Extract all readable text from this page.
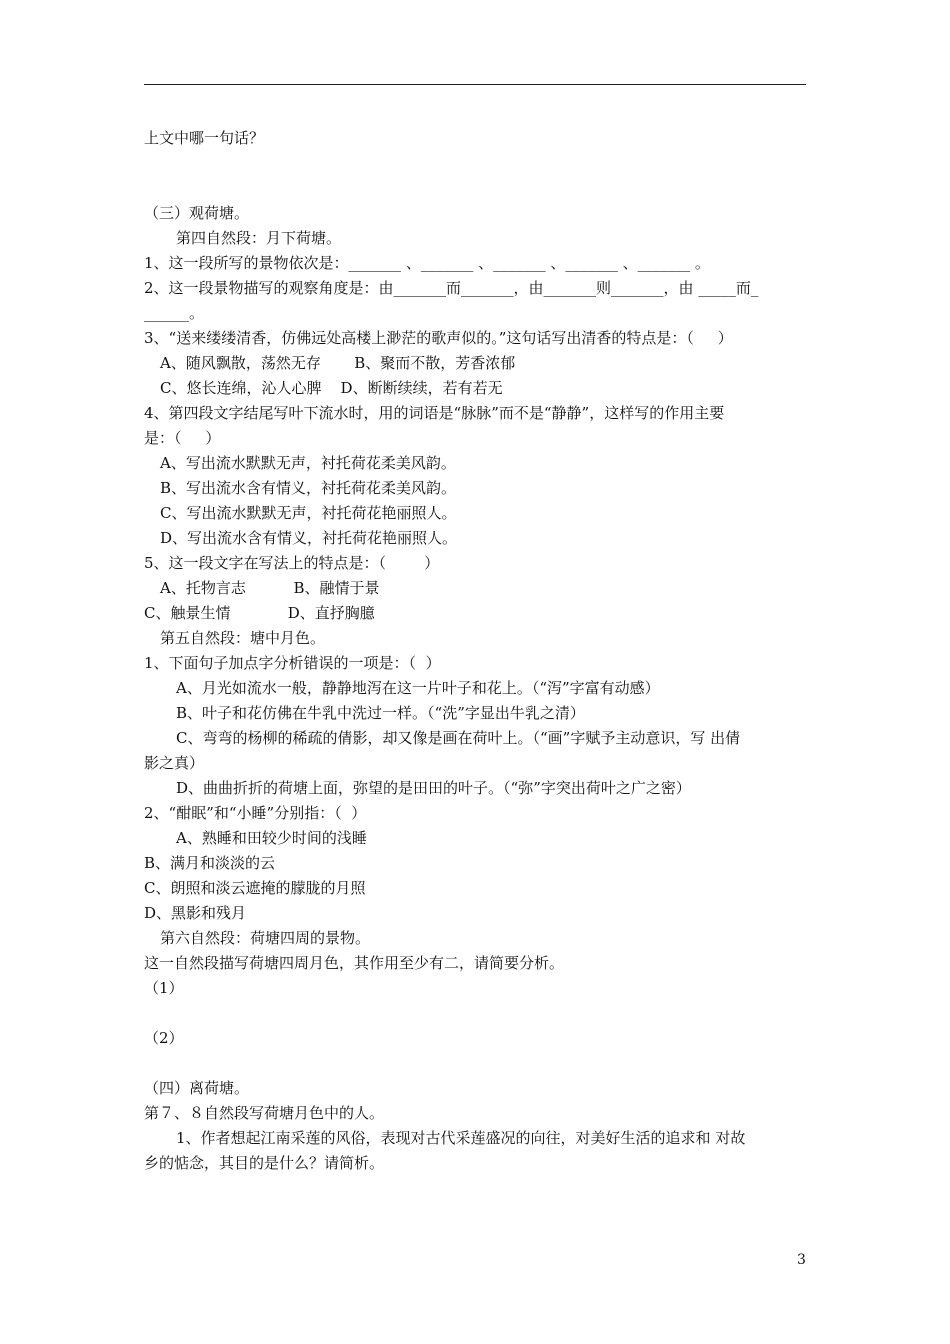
上文中哪一句话？
（三）观荷塘。
第四自然段：月下荷塘。
1、这一段所写的景物依次是：_______ 、_______ 、_______ 、_______ 、_______ 。
2、这一段景物描写的观察角度是：由_______而_______，由_______则_______，由 _____而_
______。
3、“送来缕缕清香，仿佛远处高楼上渺茫的歌声似的。”这句话写出清香的特点是：（     ）
A、随风飘散，荡然无存       B、聚而不散，芳香浓郁
C、悠长连绵，沁人心脾    D、断断续续，若有若无
4、第四段文字结尾写叶下流水时，用的词语是“脉脉”而不是“静静”，这样写的作用主要
是：（     ）
A、写出流水默默无声，衬托荷花柔美风韵。
B、写出流水含有情义，衬托荷花柔美风韵。
C、写出流水默默无声，衬托荷花艳丽照人。
D、写出流水含有情义，衬托荷花艳丽照人。
5、这一段文字在写法上的特点是：（        ）
A、托物言志          B、融情于景
C、触景生情            D、直抒胸臆
第五自然段：塘中月色。
1、下面句子加点字分析错误的一项是：（  ）
A、月光如流水一般，静静地泻在这一片叶子和花上。（“泻”字富有动感）
B、叶子和花仿佛在牛乳中洗过一样。（“洗”字显出牛乳之清）
C、弯弯的杨柳的稀疏的倩影，却又像是画在荷叶上。（“画”字赋予主动意识，写 出倩
影之真）
D、曲曲折折的荷塘上面，弥望的是田田的叶子。（“弥”字突出荷叶之广之密）
2、“酣眠”和“小睡”分别指：（  ）
A、熟睡和田较少时间的浅睡
B、满月和淡淡的云
C、朗照和淡云遮掩的朦胧的月照
D、黑影和残月
第六自然段：荷塘四周的景物。
这一自然段描写荷塘四周月色，其作用至少有二，请简要分析。
（1）
（2）
（四）离荷塘。
第７、８自然段写荷塘月色中的人。
1、作者想起江南采莲的风俗，表现对古代采莲盛况的向往，对美好生活的追求和 对故
乡的惦念，其目的是什么？请简析。
3
